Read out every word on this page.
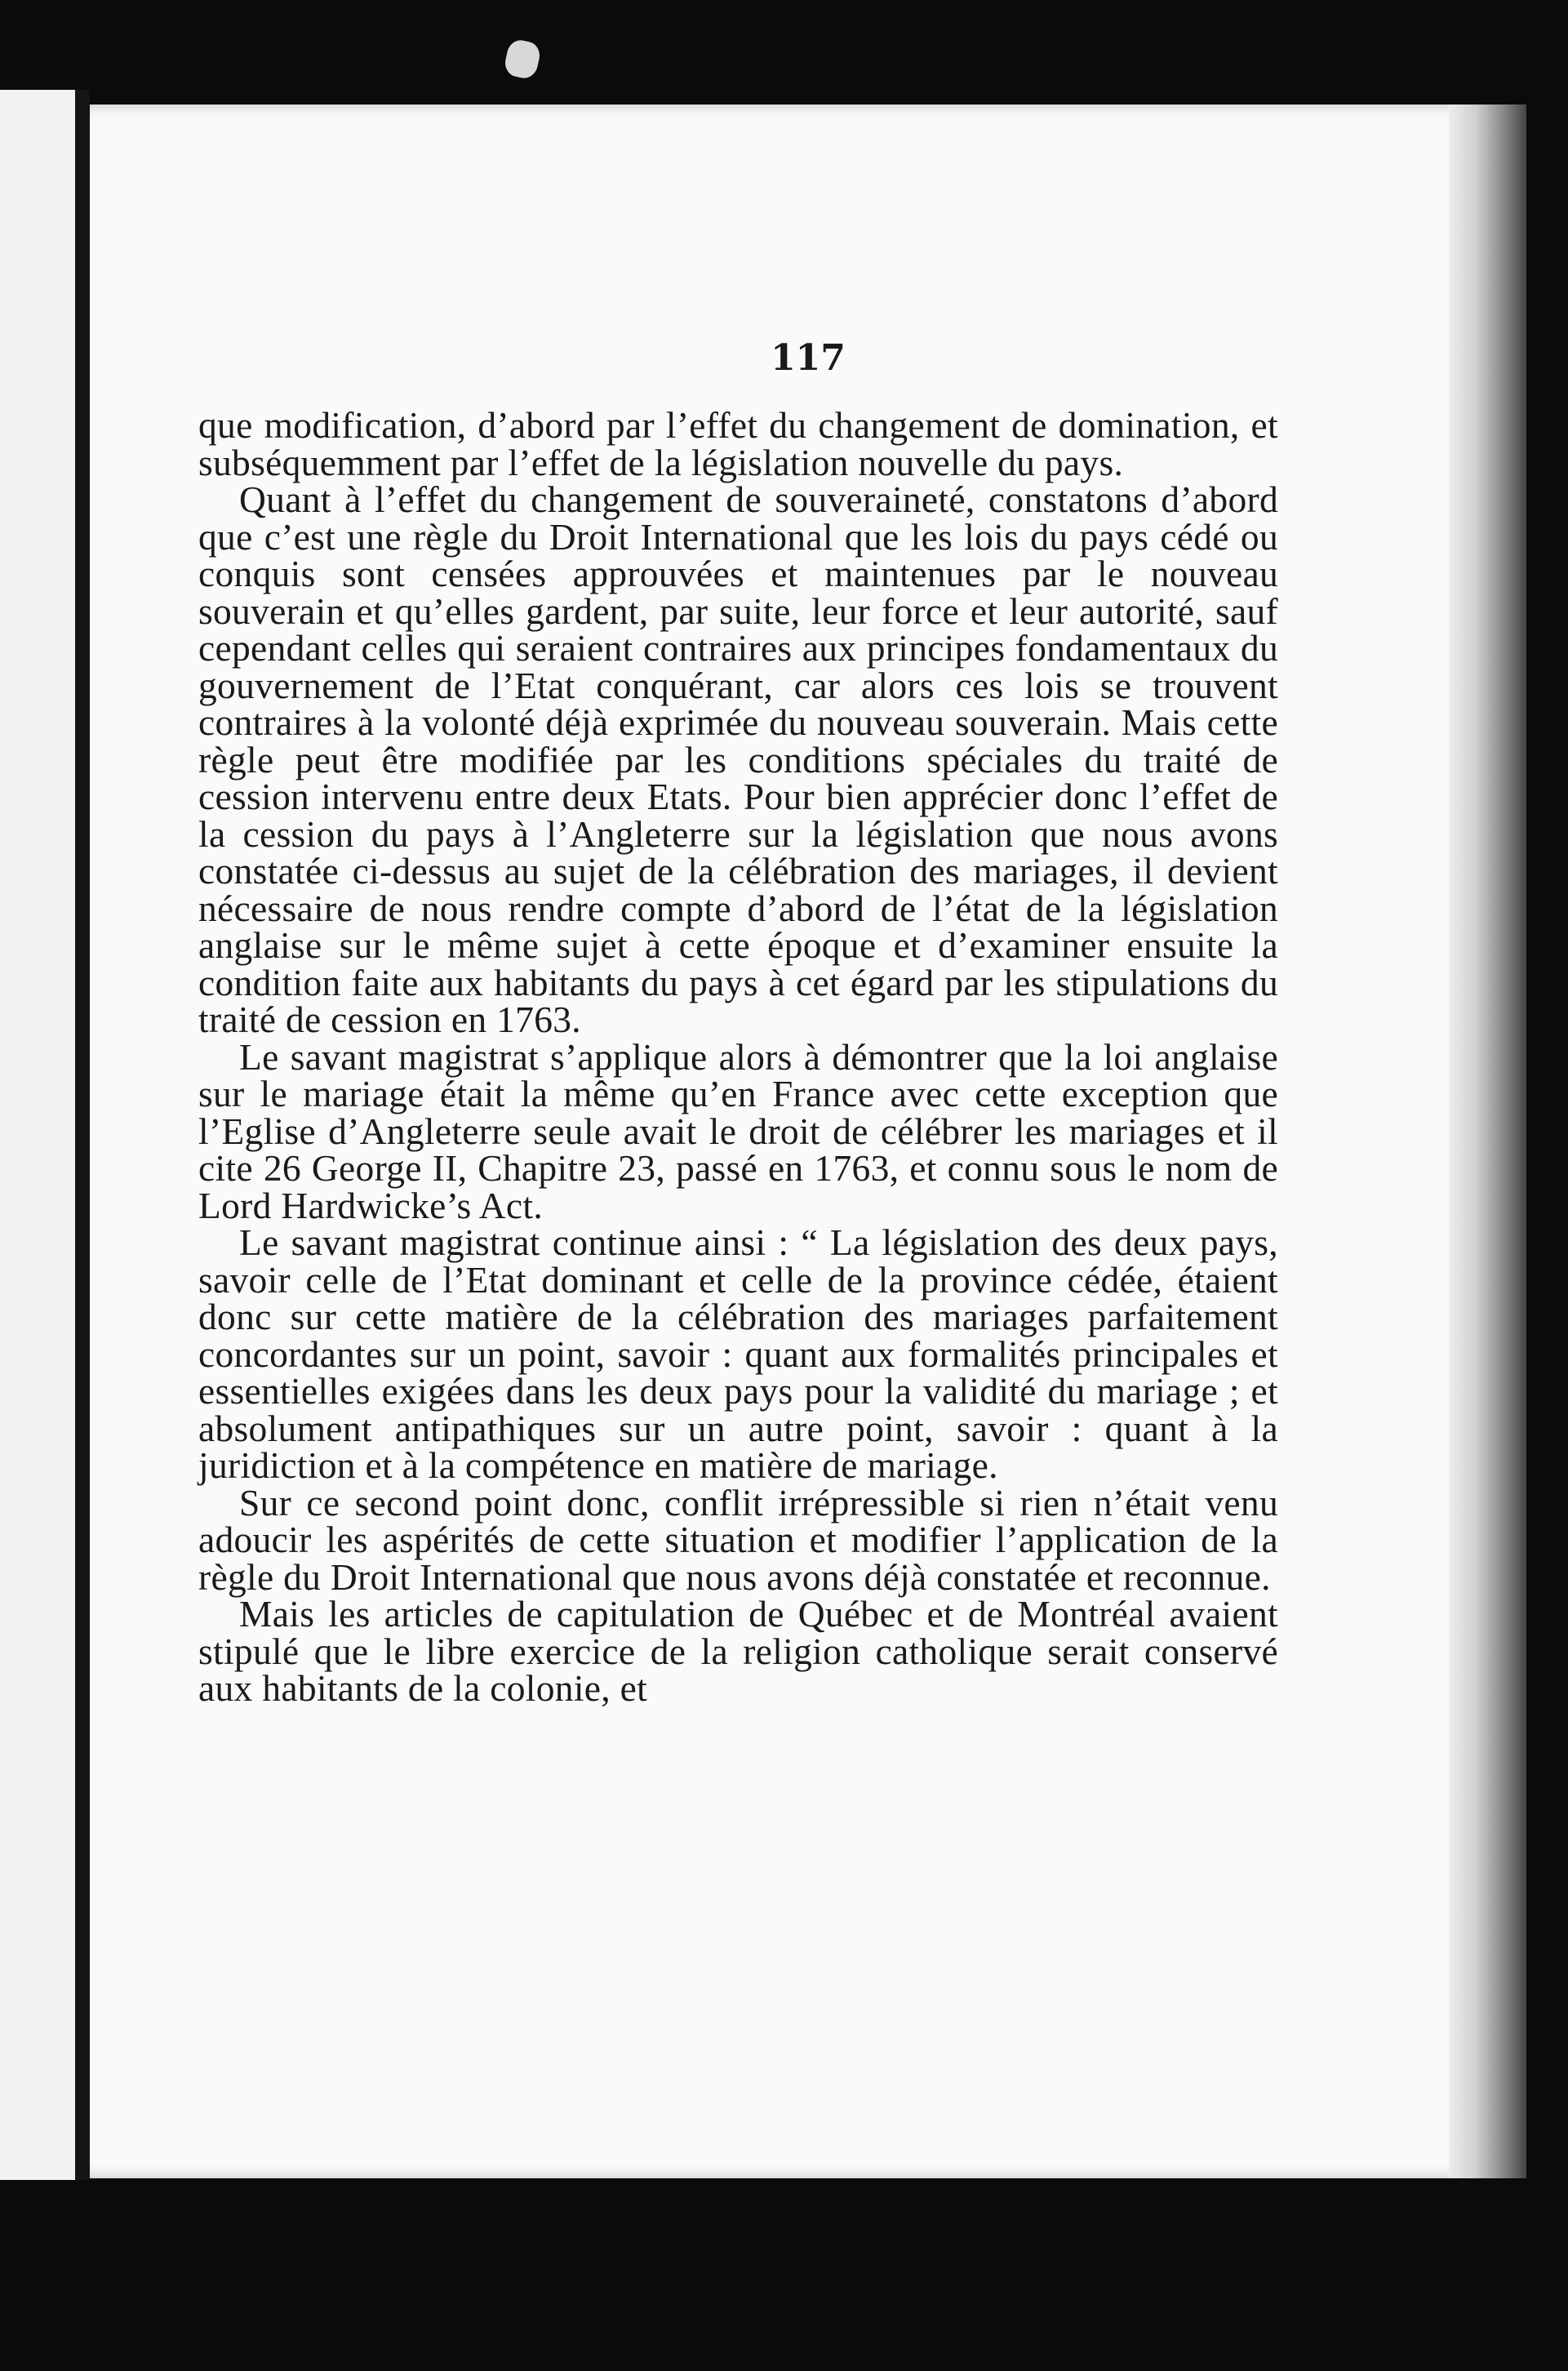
117

que modification, d’abord par l’effet du changement de domination, et subséquemment par l’effet de la législation nouvelle du pays.

Quant à l’effet du changement de souveraineté, constatons d’abord que c’est une règle du Droit International que les lois du pays cédé ou conquis sont censées approuvées et maintenues par le nouveau souverain et qu’elles gardent, par suite, leur force et leur autorité, sauf cependant celles qui seraient contraires aux principes fondamentaux du gouvernement de l’Etat conquérant, car alors ces lois se trouvent contraires à la volonté déjà exprimée du nouveau souverain. Mais cette règle peut être modifiée par les conditions spéciales du traité de cession intervenu entre deux Etats. Pour bien apprécier donc l’effet de la cession du pays à l’Angleterre sur la législation que nous avons constatée ci-dessus au sujet de la célébration des mariages, il devient nécessaire de nous rendre compte d’abord de l’état de la législation anglaise sur le même sujet à cette époque et d’examiner ensuite la condition faite aux habitants du pays à cet égard par les stipulations du traité de cession en 1763.

Le savant magistrat s’applique alors à démontrer que la loi anglaise sur le mariage était la même qu’en France avec cette exception que l’Eglise d’Angleterre seule avait le droit de célébrer les mariages et il cite 26 George II, Chapitre 23, passé en 1763, et connu sous le nom de Lord Hardwicke’s Act.

Le savant magistrat continue ainsi : “ La législation des deux pays, savoir celle de l’Etat dominant et celle de la province cédée, étaient donc sur cette matière de la célébration des mariages parfaitement concordantes sur un point, savoir : quant aux formalités principales et essentielles exigées dans les deux pays pour la validité du mariage ; et absolument antipathiques sur un autre point, savoir : quant à la juridiction et à la compétence en matière de mariage.

Sur ce second point donc, conflit irrépressible si rien n’était venu adoucir les aspérités de cette situation et modifier l’application de la règle du Droit International que nous avons déjà constatée et reconnue.

Mais les articles de capitulation de Québec et de Montréal avaient stipulé que le libre exercice de la religion catholique serait conservé aux habitants de la colonie, et
